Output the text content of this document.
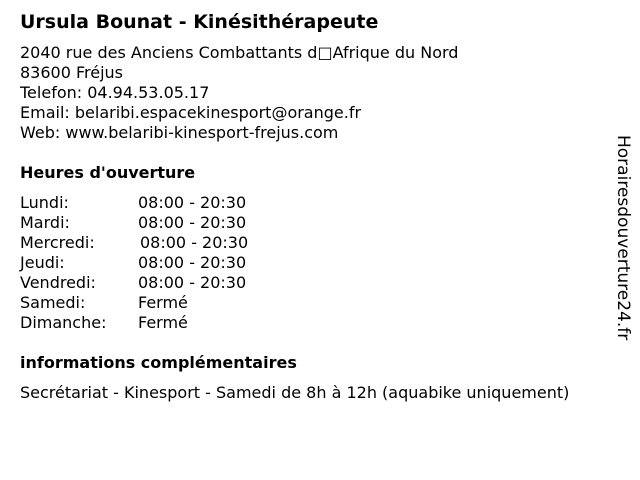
Ursula Bounat - Kinésithérapeute
2040 rue des Anciens Combattants d□Afrique du Nord
83600 Fréjus
Telefon: 04.94.53.05.17
Email: belaribi.espacekinesport@orange.fr
Web: www.belaribi-kinesport-frejus.com
Heures d'ouverture
Lundi:	08:00 - 20:30
Mardi:	08:00 - 20:30
Mercredi:	08:00 - 20:30
Jeudi:	08:00 - 20:30
Vendredi:	08:00 - 20:30
Samedi:	Fermé
Dimanche: Fermé
informations complémentaires
Secrétariat - Kinesport - Samedi de 8h à 12h (aquabike uniquement)
Horairesdouverture24.fr
